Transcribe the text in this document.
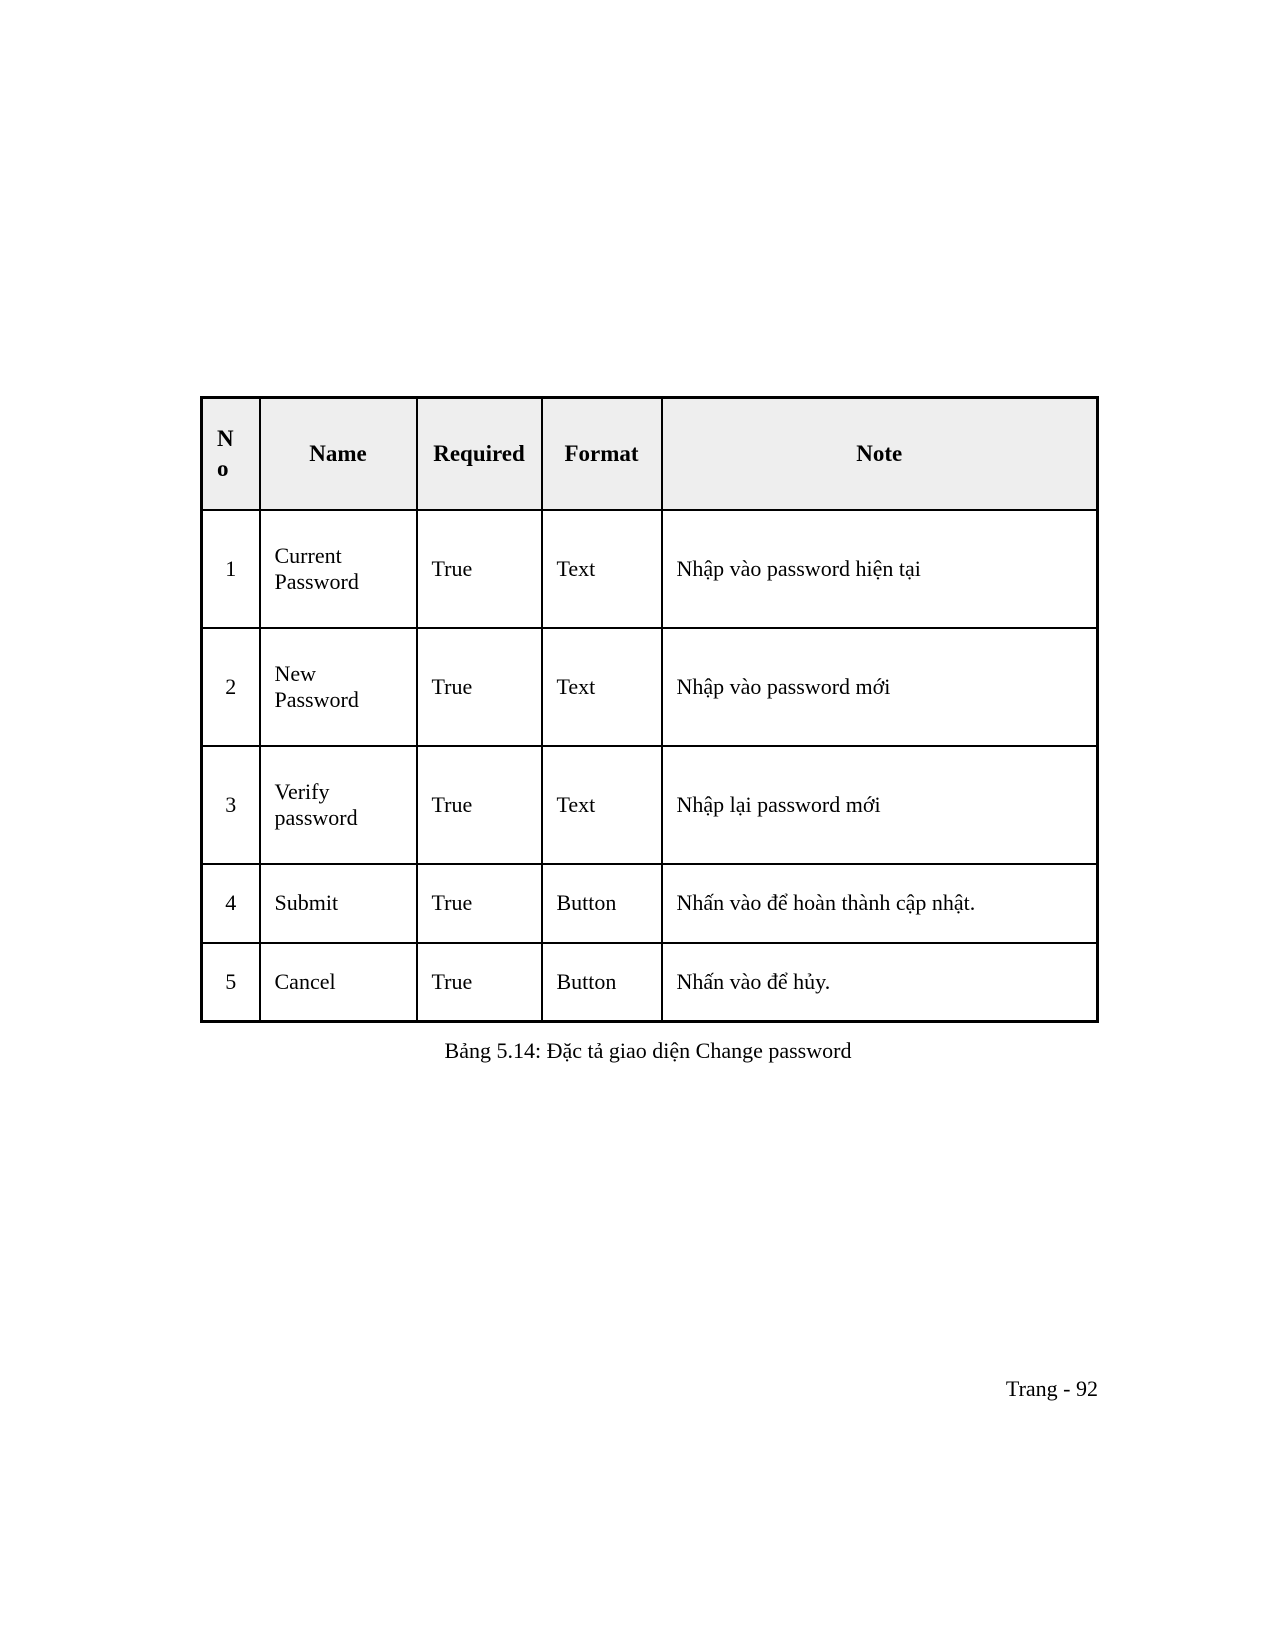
No	Name	Required	Format	Note
1	Current Password	True	Text	Nhập vào password hiện tại
2	New Password	True	Text	Nhập vào password mới
3	Verify password	True	Text	Nhập lại password mới
4	Submit	True	Button	Nhấn vào để hoàn thành cập nhật.
5	Cancel	True	Button	Nhấn vào để hủy.
Bảng 5.14: Đặc tả giao diện Change password
Trang - 92
